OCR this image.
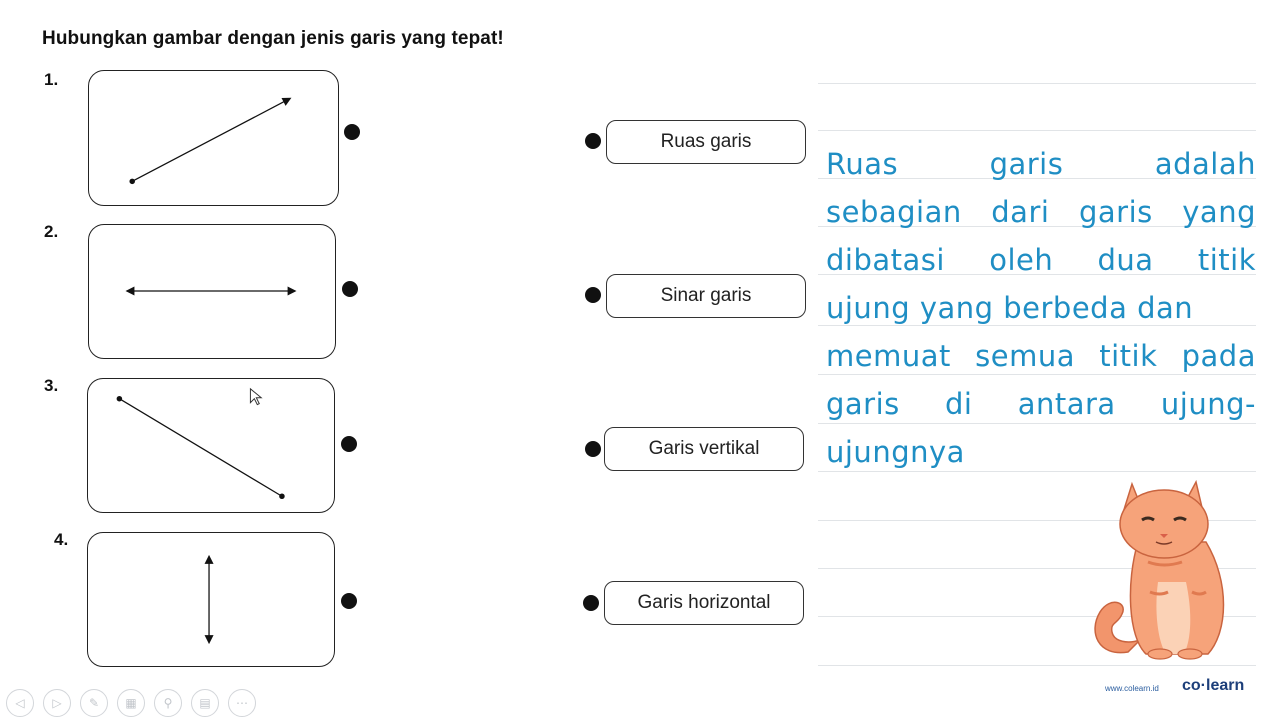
Hubungkan gambar dengan jenis garis yang tepat!
1.
2.
3.
4.
Ruas garis
Sinar garis
Garis vertikal
Garis horizontal
Ruas garis adalah
sebagian dari garis yang
dibatasi oleh dua titik
ujung yang berbeda dan
memuat semua titik pada
garis di antara ujung-
ujungnya
www.colearn.id co·learn
◁	▷	✎	▦	⚲	▤	⋯
